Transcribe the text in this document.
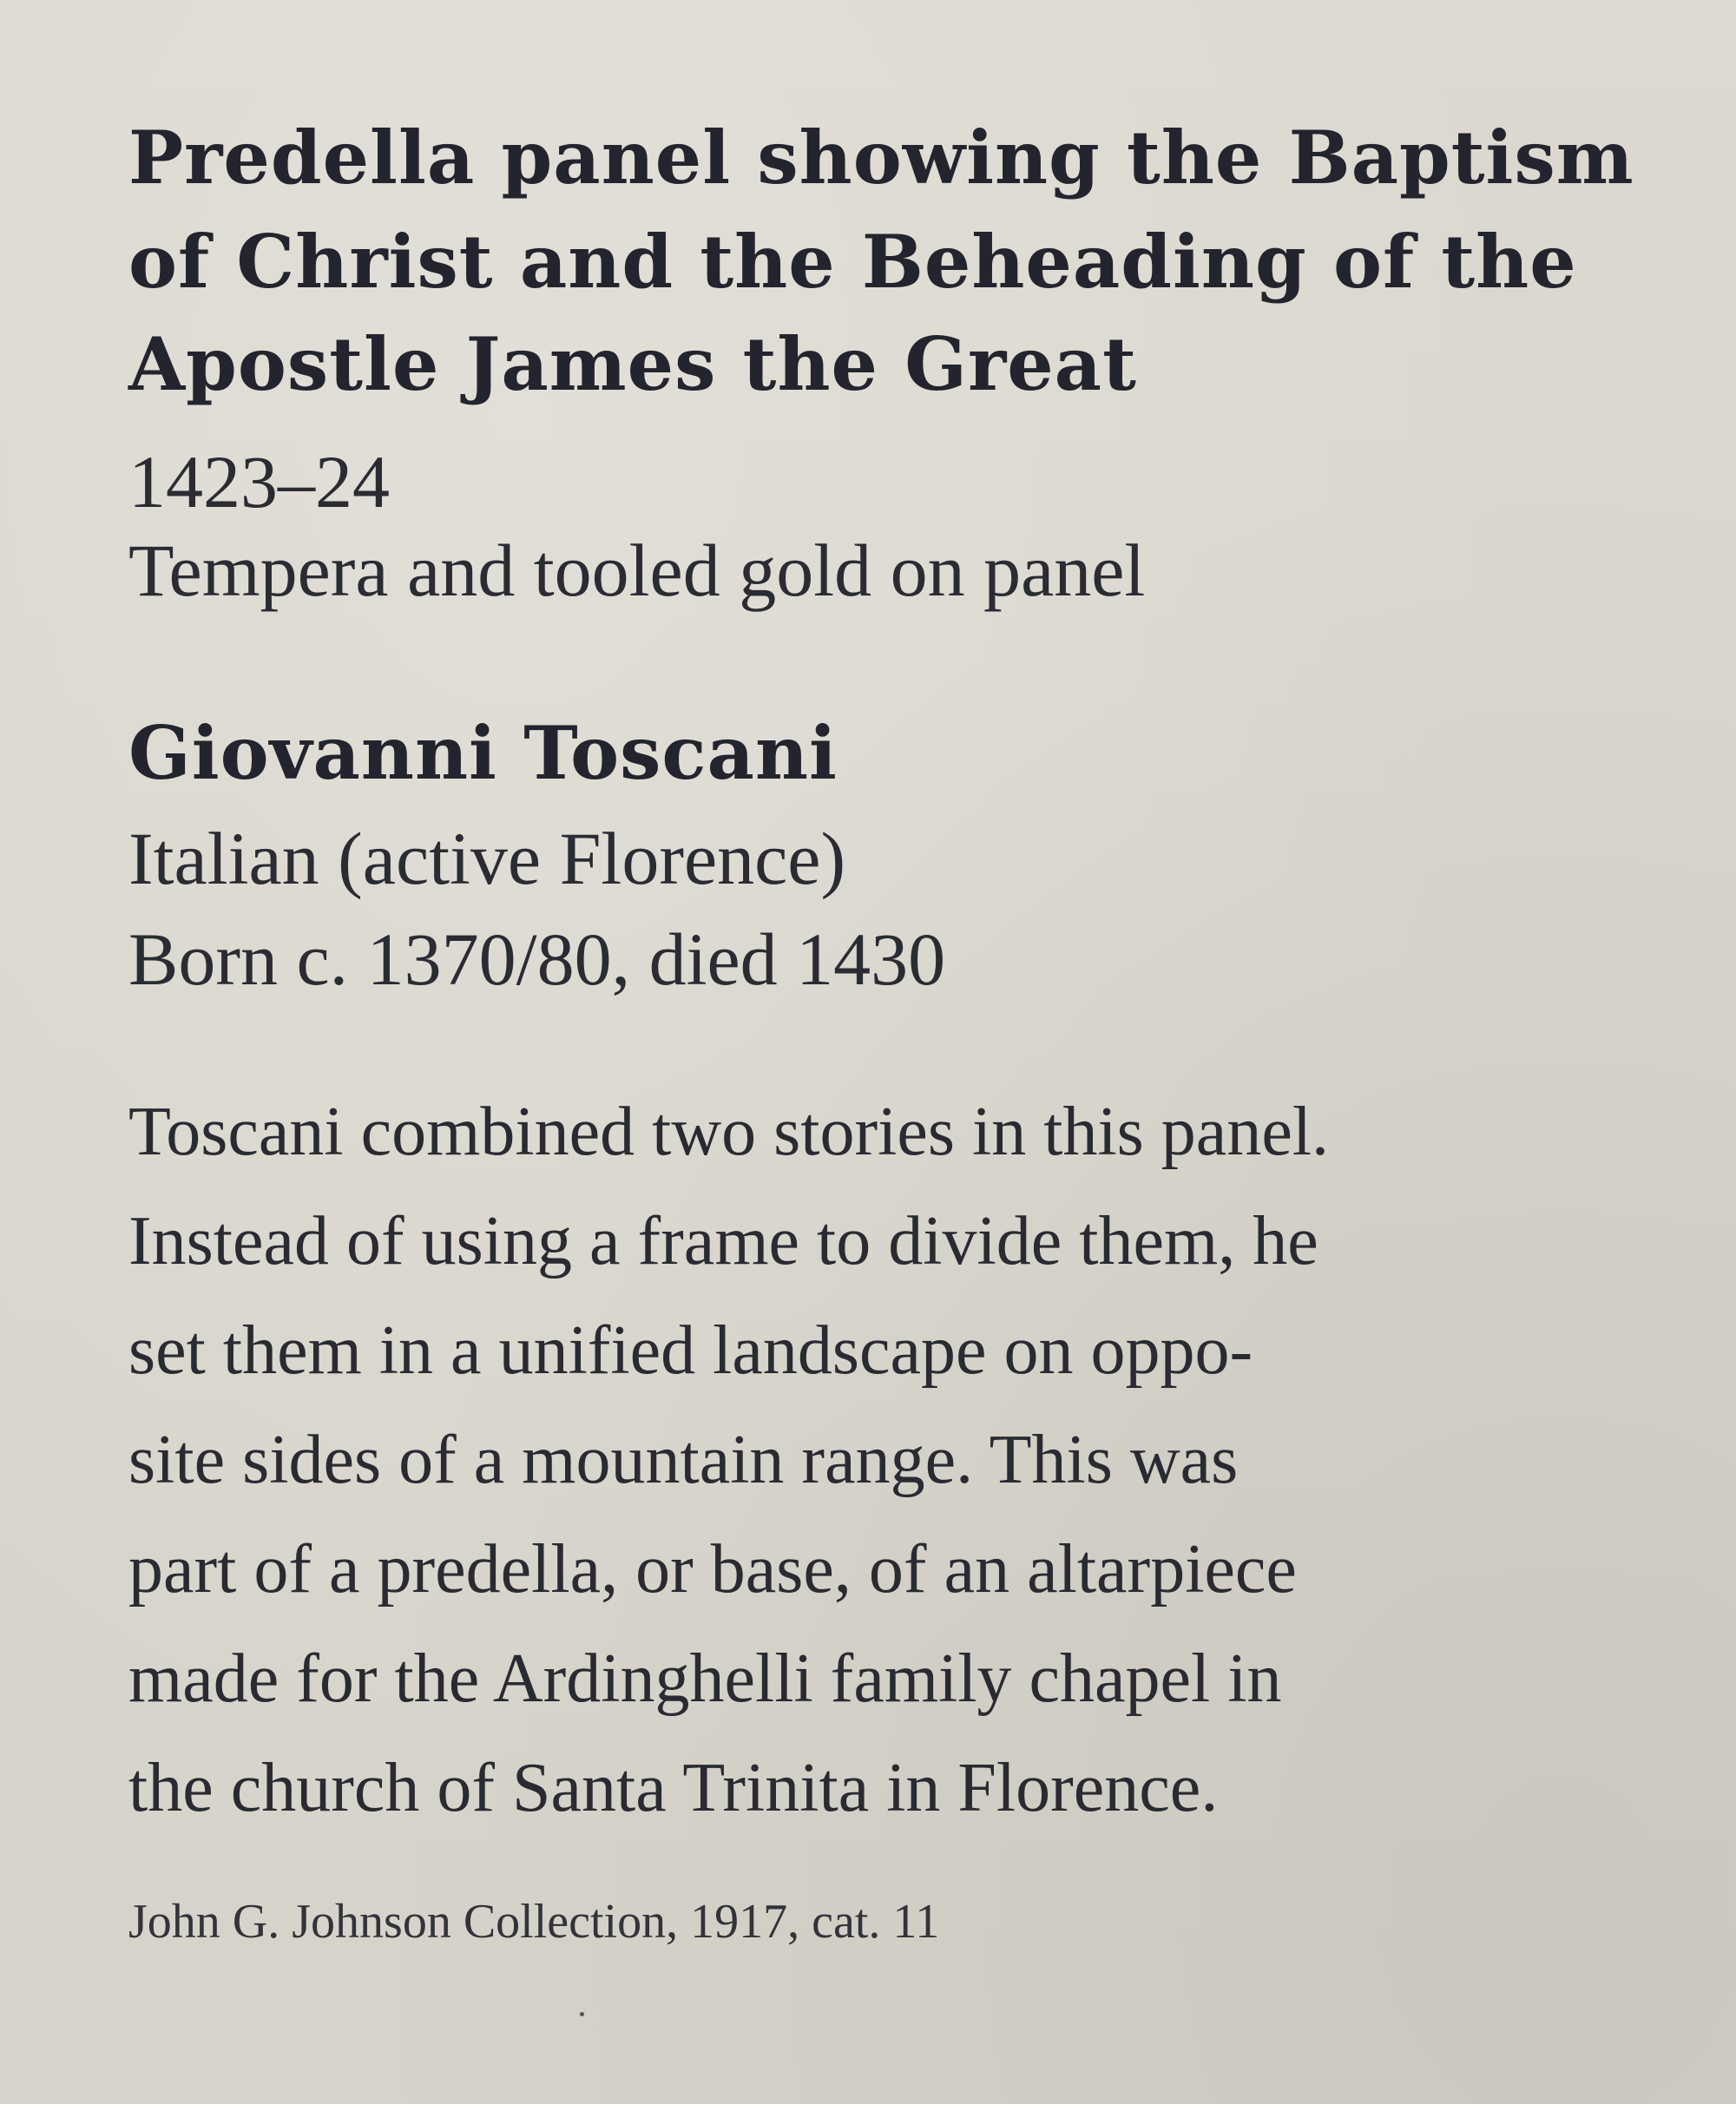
Predella panel showing the Baptism
of Christ and the Beheading of the
Apostle James the Great
1423–24
Tempera and tooled gold on panel
Giovanni Toscani
Italian (active Florence)
Born c. 1370/80, died 1430
Toscani combined two stories in this panel.
Instead of using a frame to divide them, he
set them in a unified landscape on oppo-
site sides of a mountain range. This was
part of a predella, or base, of an altarpiece
made for the Ardinghelli family chapel in
the church of Santa Trinita in Florence.
John G. Johnson Collection, 1917, cat. 11
